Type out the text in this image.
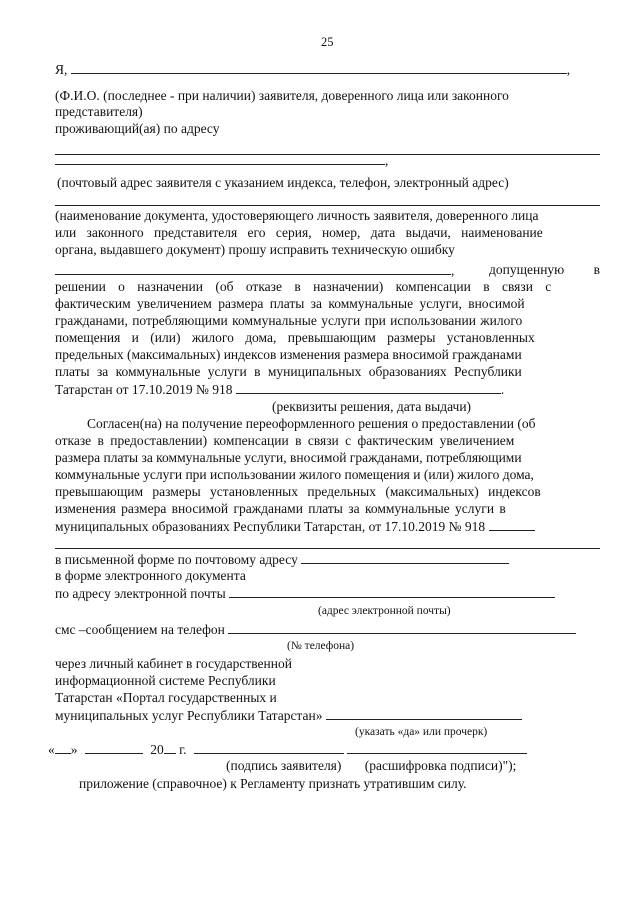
25
Я,	,
(Ф.И.О. (последнее - при наличии) заявителя, доверенного лица или законного
представителя)
проживающий(ая) по адресу
,
(почтовый адрес заявителя с указанием индекса, телефон, электронный адрес)
(наименование документа, удостоверяющего личность заявителя, доверенного лица
или законного представителя его серия, номер, дата выдачи, наименование
органа, выдавшего документ) прошу исправить техническую ошибку
,	допущенную в
решении о назначении (об отказе в назначении) компенсации в связи с
фактическим увеличением размера платы за коммунальные услуги, вносимой
гражданами, потребляющими коммунальные услуги при использовании жилого
помещения и (или) жилого дома, превышающим размеры установленных
предельных (максимальных) индексов изменения размера вносимой гражданами
платы за коммунальные услуги в муниципальных образованиях Республики
Татарстан от 17.10.2019 № 918	.
(реквизиты решения, дата выдачи)
Согласен(на) на получение переоформленного решения о предоставлении (об
отказе в предоставлении) компенсации в связи с фактическим увеличением
размера платы за коммунальные услуги, вносимой гражданами, потребляющими
коммунальные услуги при использовании жилого помещения и (или) жилого дома,
превышающим размеры установленных предельных (максимальных) индексов
изменения размера вносимой гражданами платы за коммунальные услуги в
муниципальных образованиях Республики Татарстан, от 17.10.2019 № 918
в письменной форме по почтовому адресу
в форме электронного документа
по адресу электронной почты
(адрес электронной почты)
смс –сообщением на телефон
(№ телефона)
через личный кабинет в государственной
информационной системе Республики
Татарстан «Портал государственных и
муниципальных услуг Республики Татарстан»
(указать «да» или прочерк)
« »	20 г.
(подпись заявителя) (расшифровка подписи)");
приложение (справочное) к Регламенту признать утратившим силу.
